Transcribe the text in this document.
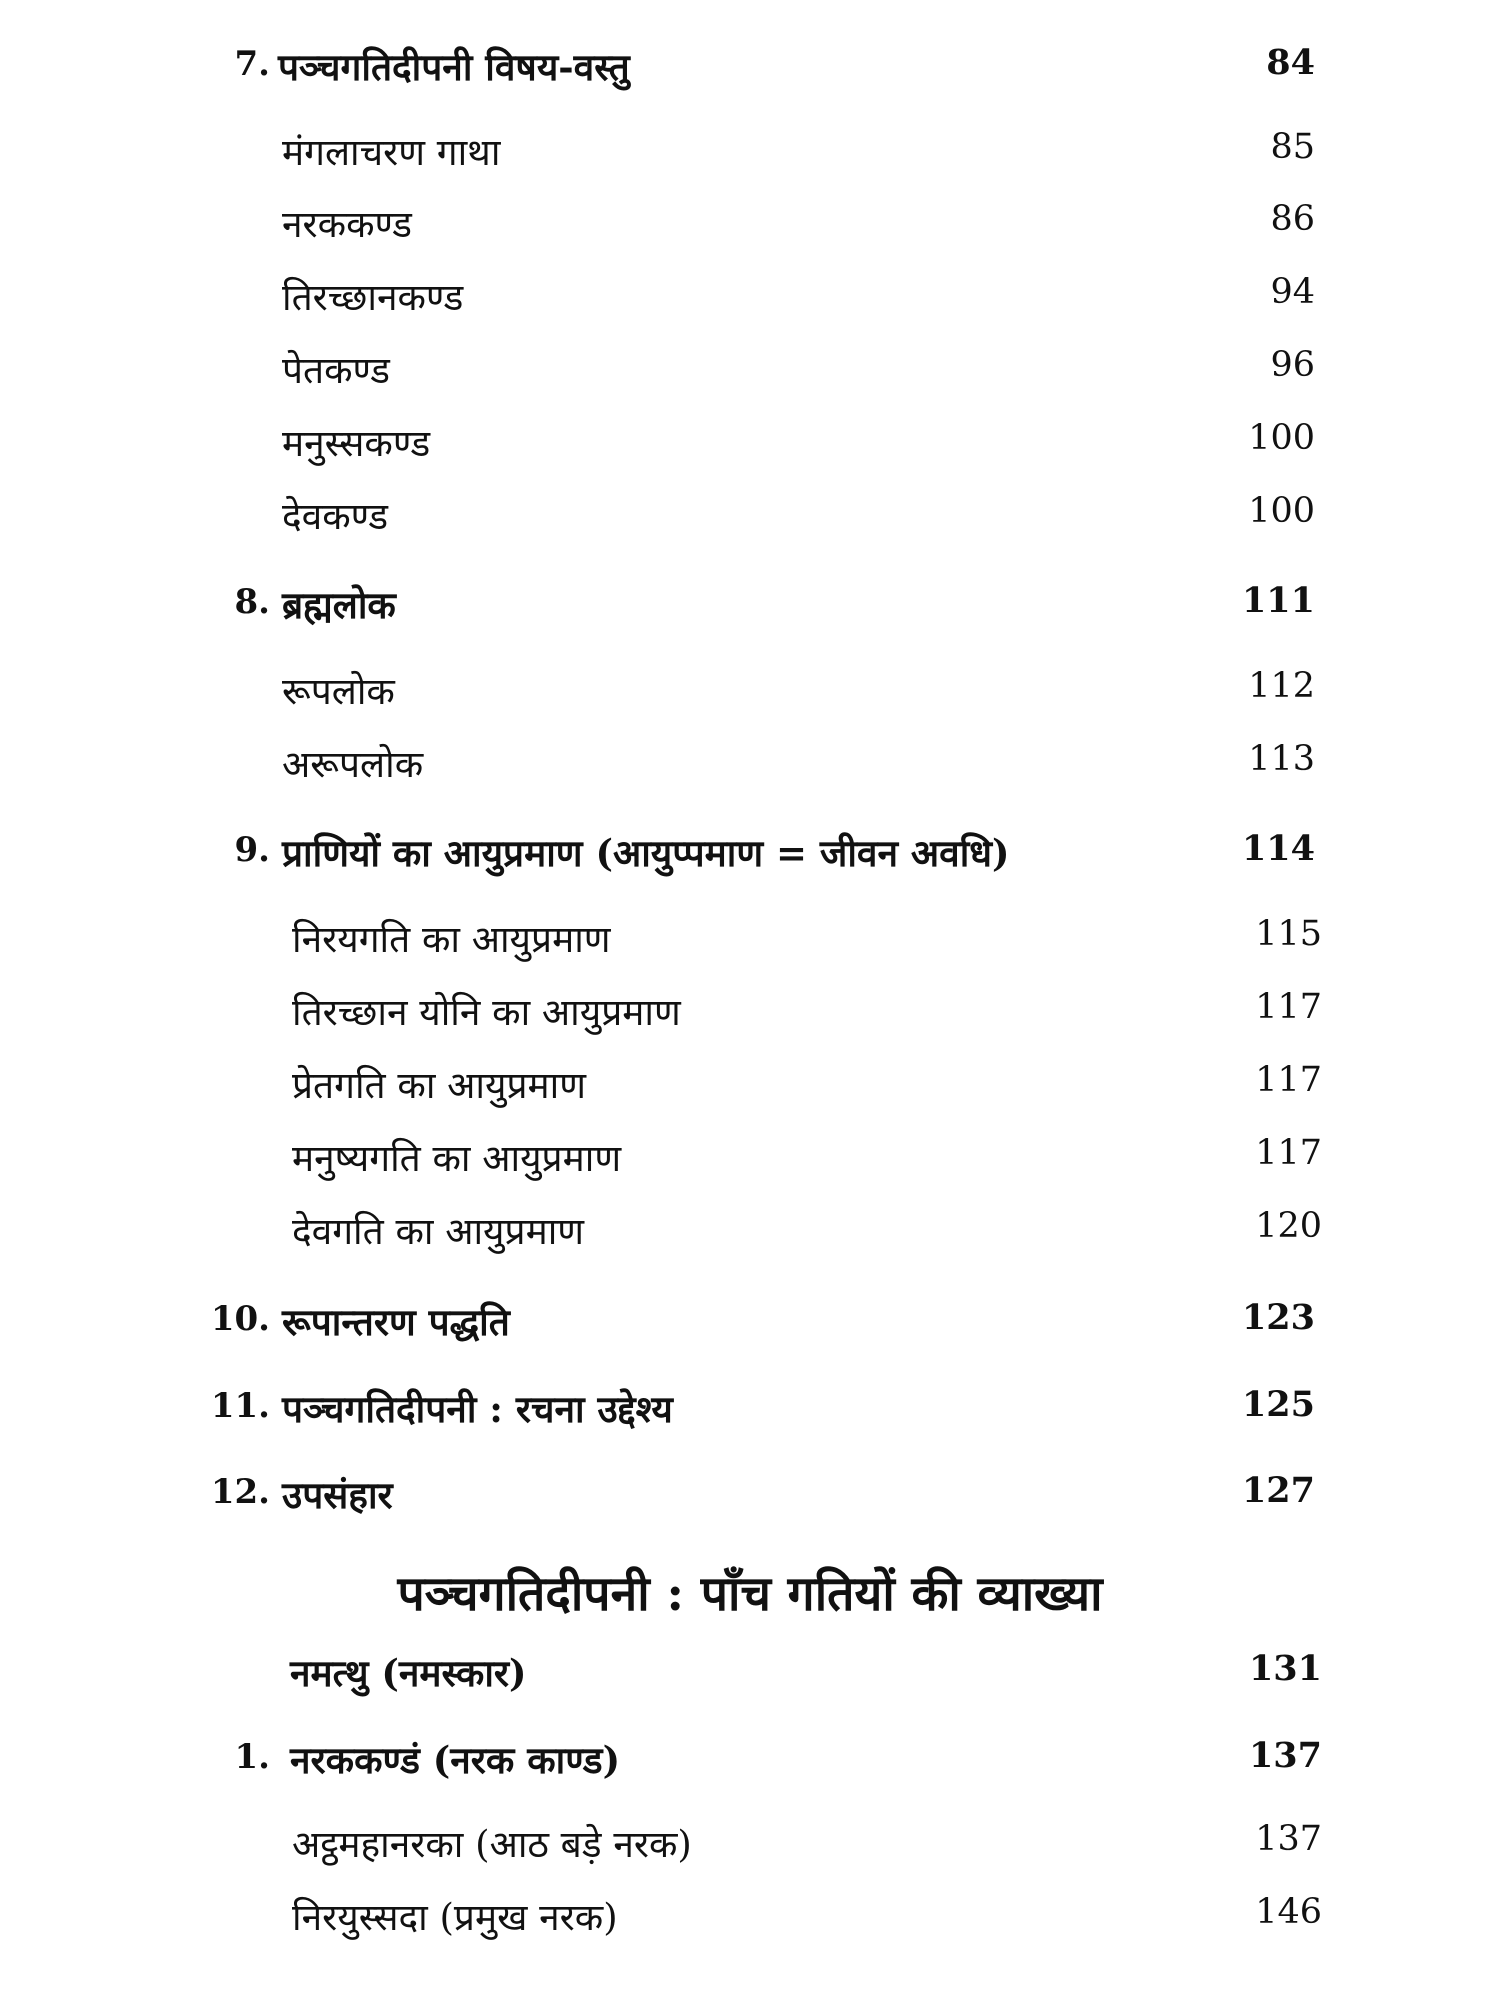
7. पञ्चगतिदीपनी विषय-वस्तु	84
मंगलाचरण गाथा	85
नरककण्ड	86
तिरच्छानकण्ड	94
पेतकण्ड	96
मनुस्सकण्ड	100
देवकण्ड	100
8. ब्रह्मलोक	111
रूपलोक	112
अरूपलोक	113
9. प्राणियों का आयुप्रमाण (आयुप्पमाण = जीवन अवधि)	114
निरयगति का आयुप्रमाण	115
तिरच्छान योनि का आयुप्रमाण	117
प्रेतगति का आयुप्रमाण	117
मनुष्यगति का आयुप्रमाण	117
देवगति का आयुप्रमाण	120
10. रूपान्तरण पद्धति	123
11. पञ्चगतिदीपनी : रचना उद्देश्य	125
12. उपसंहार	127
पञ्चगतिदीपनी : पाँच गतियों की व्याख्या
नमत्थु (नमस्कार)	131
1. नरककण्डं (नरक काण्ड)	137
अट्ठमहानरका (आठ बड़े नरक)	137
निरयुस्सदा (प्रमुख नरक)	146
